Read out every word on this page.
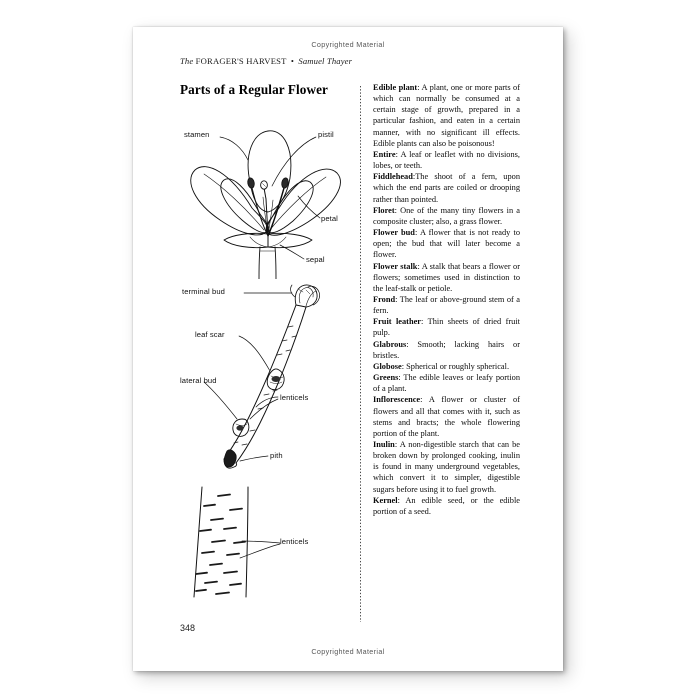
Copyrighted Material
The FORAGER'S HARVEST • Samuel Thayer
Parts of a Regular Flower
stamen	pistil
petal
sepal
terminal bud
leaf scar
lateral bud
lenticels
pith
lenticels

Edible plant: A plant, one or more parts of which can normally be consumed at a certain stage of growth, prepared in a particular fashion, and eaten in a certain manner, with no significant ill effects. Edible plants can also be poisonous!

Entire: A leaf or leaflet with no divisions, lobes, or teeth.

Fiddlehead:The shoot of a fern, upon which the end parts are coiled or drooping rather than pointed.

Floret: One of the many tiny flowers in a composite cluster; also, a grass flower.

Flower bud: A flower that is not ready to open; the bud that will later become a flower.

Flower stalk: A stalk that bears a flower or flowers; sometimes used in distinction to the leaf-stalk or petiole.

Frond: The leaf or above-ground stem of a fern.

Fruit leather: Thin sheets of dried fruit pulp.

Glabrous: Smooth; lacking hairs or bristles.

Globose: Spherical or roughly spherical.

Greens: The edible leaves or leafy portion of a plant.

Inflorescence: A flower or cluster of flowers and all that comes with it, such as stems and bracts; the whole flowering portion of the plant.

Inulin: A non-digestible starch that can be broken down by prolonged cooking, inulin is found in many underground vegetables, which convert it to simpler, digestible sugars before using it to fuel growth.

Kernel: An edible seed, or the edible portion of a seed.

348
Copyrighted Material
